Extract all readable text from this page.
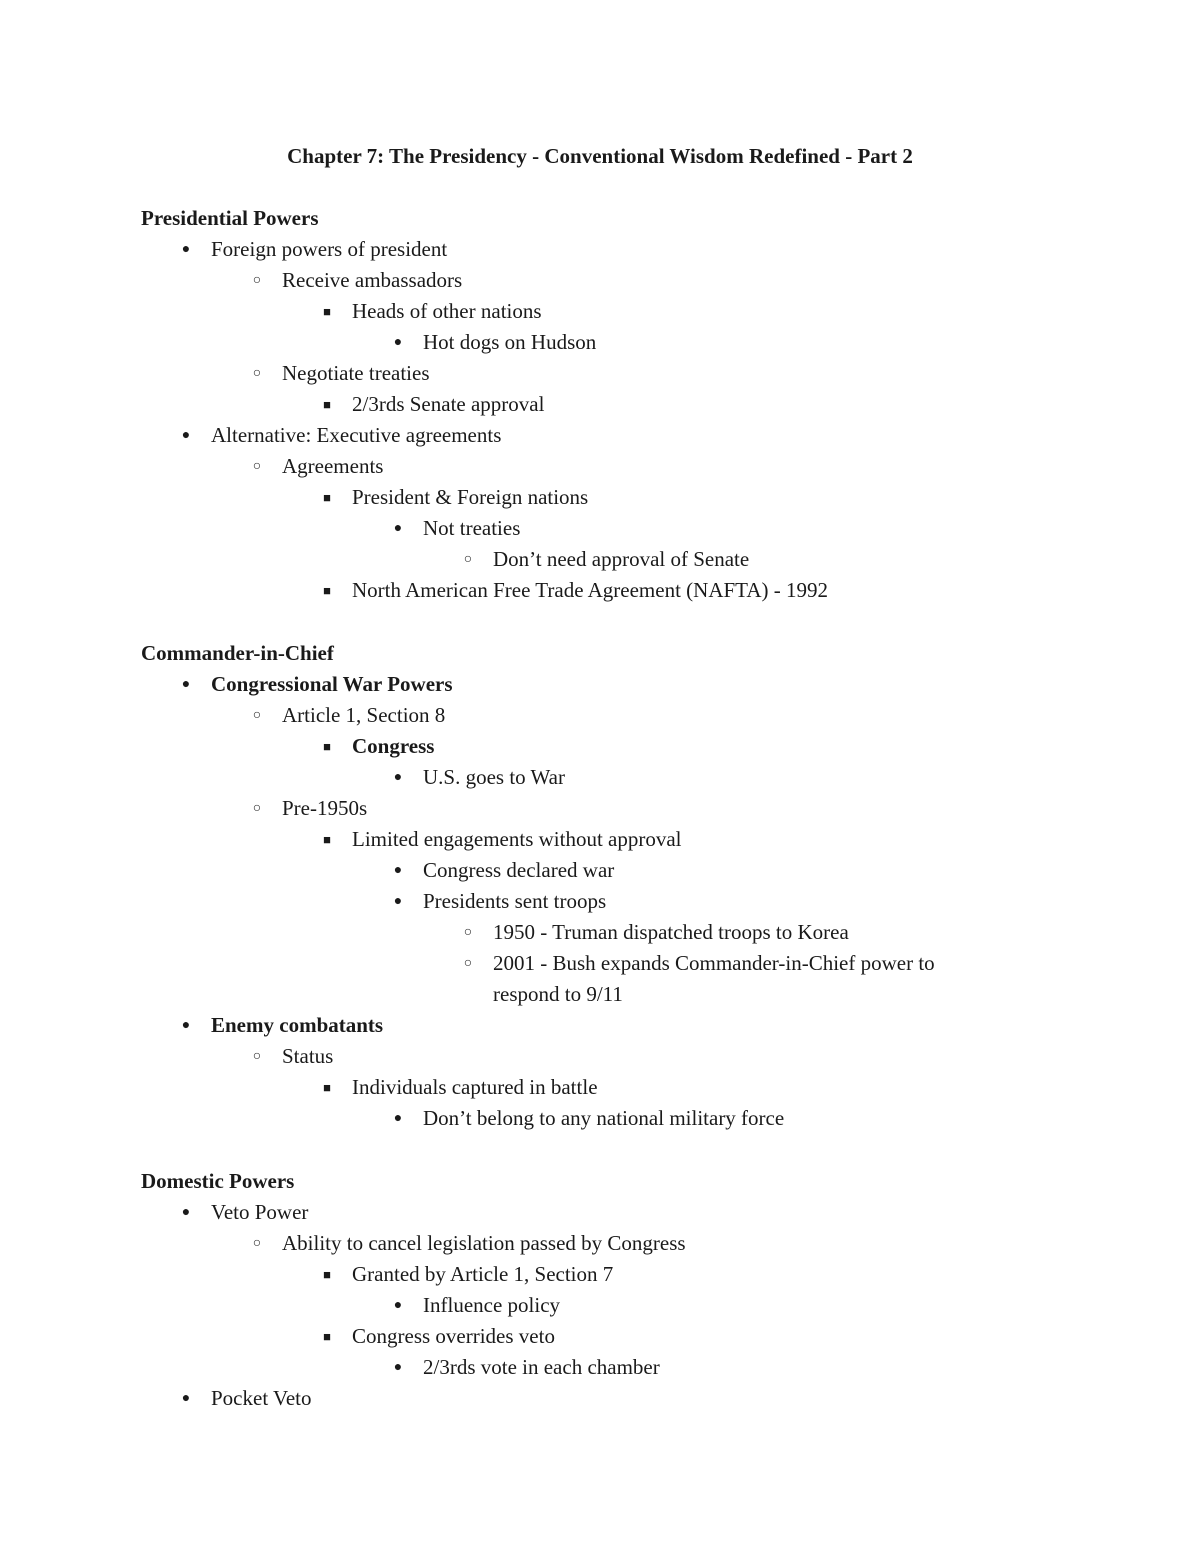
Chapter 7: The Presidency - Conventional Wisdom Redefined - Part 2
Presidential Powers
●
Foreign powers of president
○
Receive ambassadors
■
Heads of other nations
●
Hot dogs on Hudson
○
Negotiate treaties
■
2/3rds Senate approval
●
Alternative: Executive agreements
○
Agreements
■
President & Foreign nations
●
Not treaties
○
Don’t need approval of Senate
■
North American Free Trade Agreement (NAFTA) - 1992
Commander-in-Chief
●
Congressional War Powers
○
Article 1, Section 8
■
Congress
●
U.S. goes to War
○
Pre-1950s
■
Limited engagements without approval
●
Congress declared war
●
Presidents sent troops
○
1950 - Truman dispatched troops to Korea
○
2001 - Bush expands Commander-in-Chief power to
respond to 9/11
●
Enemy combatants
○
Status
■
Individuals captured in battle
●
Don’t belong to any national military force
Domestic Powers
●
Veto Power
○
Ability to cancel legislation passed by Congress
■
Granted by Article 1, Section 7
●
Influence policy
■
Congress overrides veto
●
2/3rds vote in each chamber
●
Pocket Veto
